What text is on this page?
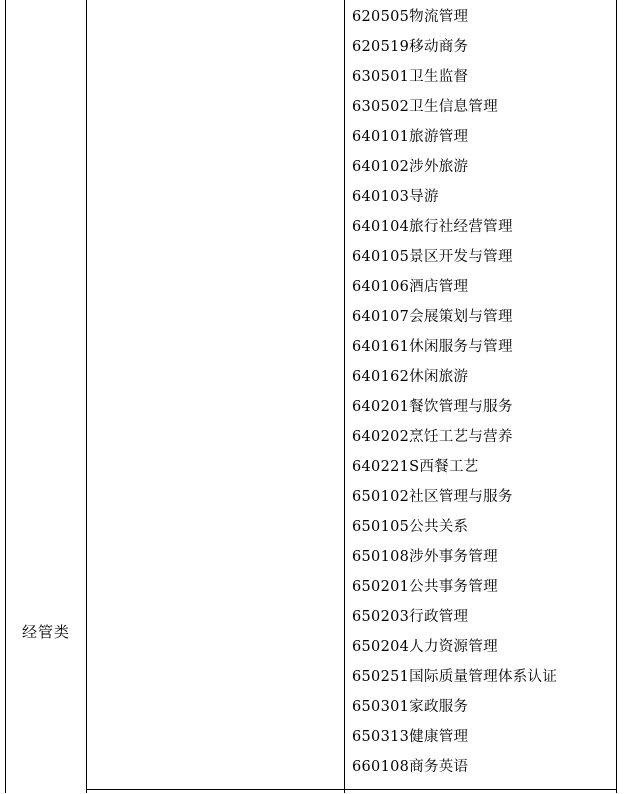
经管类
620505物流管理
620519移动商务
630501卫生监督
630502卫生信息管理
640101旅游管理
640102涉外旅游
640103导游
640104旅行社经营管理
640105景区开发与管理
640106酒店管理
640107会展策划与管理
640161休闲服务与管理
640162休闲旅游
640201餐饮管理与服务
640202烹饪工艺与营养
640221S西餐工艺
650102社区管理与服务
650105公共关系
650108涉外事务管理
650201公共事务管理
650203行政管理
650204人力资源管理
650251国际质量管理体系认证
650301家政服务
650313健康管理
660108商务英语
